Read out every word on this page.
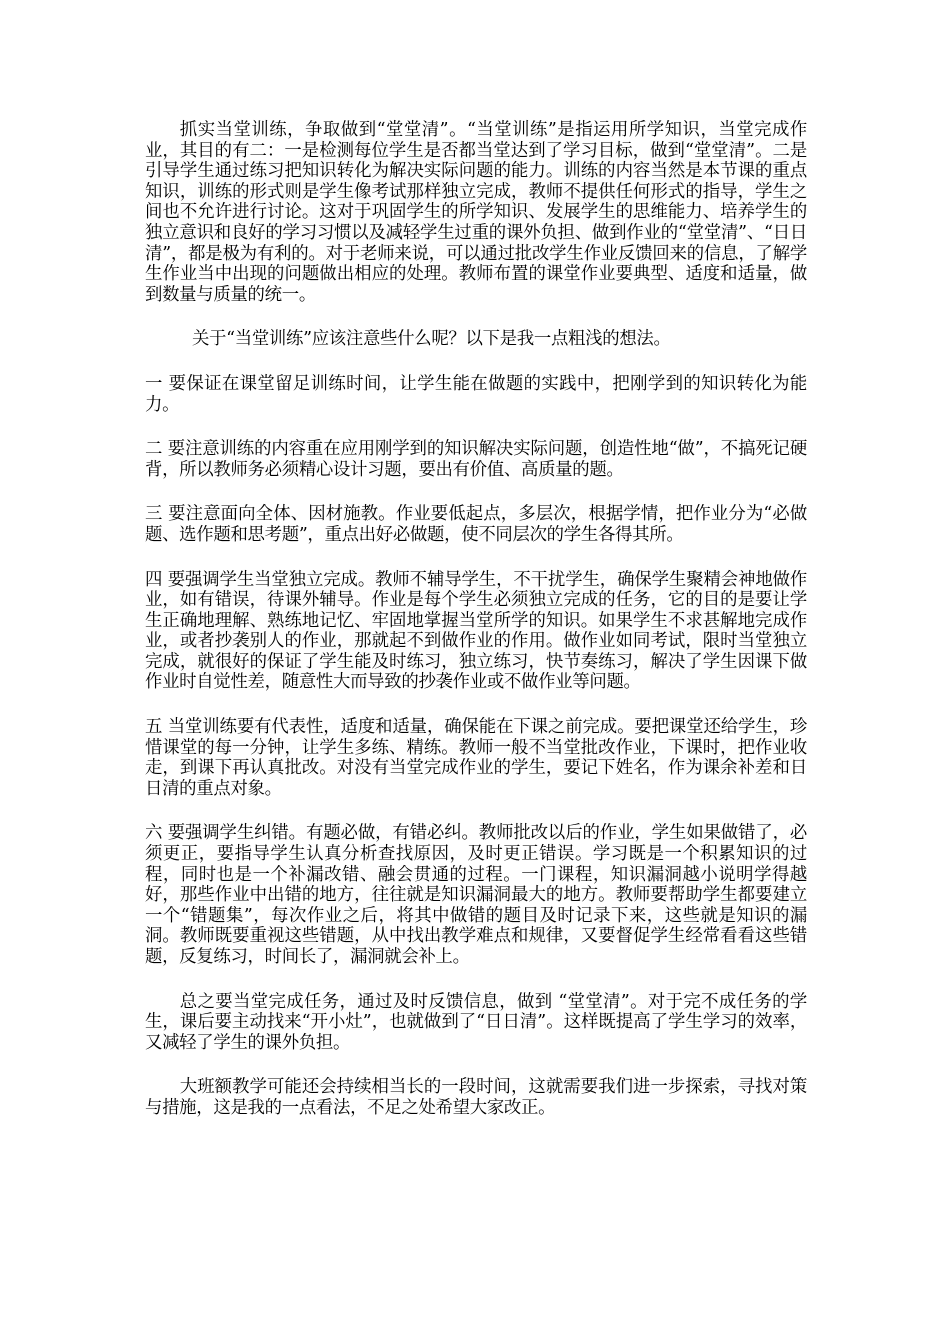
抓实当堂训练，争取做到“堂堂清”。“当堂训练”是指运用所学知识，当堂完成作业，其目的有二：一是检测每位学生是否都当堂达到了学习目标，做到“堂堂清”。二是引导学生通过练习把知识转化为解决实际问题的能力。训练的内容当然是本节课的重点知识，训练的形式则是学生像考试那样独立完成，教师不提供任何形式的指导，学生之间也不允许进行讨论。这对于巩固学生的所学知识、发展学生的思维能力、培养学生的独立意识和良好的学习习惯以及减轻学生过重的课外负担、做到作业的“堂堂清”、“日日清”，都是极为有利的。对于老师来说，可以通过批改学生作业反馈回来的信息，了解学生作业当中出现的问题做出相应的处理。教师布置的课堂作业要典型、适度和适量，做到数量与质量的统一。

关于“当堂训练”应该注意些什么呢？以下是我一点粗浅的想法。

一 要保证在课堂留足训练时间，让学生能在做题的实践中，把刚学到的知识转化为能力。

二 要注意训练的内容重在应用刚学到的知识解决实际问题，创造性地“做”，不搞死记硬背，所以教师务必须精心设计习题，要出有价值、高质量的题。

三 要注意面向全体、因材施教。作业要低起点，多层次，根据学情，把作业分为“必做题、选作题和思考题”，重点出好必做题，使不同层次的学生各得其所。

四 要强调学生当堂独立完成。教师不辅导学生，不干扰学生，确保学生聚精会神地做作业，如有错误，待课外辅导。作业是每个学生必须独立完成的任务，它的目的是要让学生正确地理解、熟练地记忆、牢固地掌握当堂所学的知识。如果学生不求甚解地完成作业，或者抄袭别人的作业，那就起不到做作业的作用。做作业如同考试，限时当堂独立完成，就很好的保证了学生能及时练习，独立练习，快节奏练习，解决了学生因课下做作业时自觉性差，随意性大而导致的抄袭作业或不做作业等问题。

五 当堂训练要有代表性，适度和适量，确保能在下课之前完成。要把课堂还给学生，珍惜课堂的每一分钟，让学生多练、精练。教师一般不当堂批改作业，下课时，把作业收走，到课下再认真批改。对没有当堂完成作业的学生，要记下姓名，作为课余补差和日日清的重点对象。

六 要强调学生纠错。有题必做，有错必纠。教师批改以后的作业，学生如果做错了，必须更正，要指导学生认真分析查找原因，及时更正错误。学习既是一个积累知识的过程，同时也是一个补漏改错、融会贯通的过程。一门课程，知识漏洞越小说明学得越好，那些作业中出错的地方，往往就是知识漏洞最大的地方。教师要帮助学生都要建立一个“错题集”，每次作业之后，将其中做错的题目及时记录下来，这些就是知识的漏洞。教师既要重视这些错题，从中找出教学难点和规律，又要督促学生经常看看这些错题，反复练习，时间长了，漏洞就会补上。

总之要当堂完成任务，通过及时反馈信息，做到 “堂堂清”。对于完不成任务的学生，课后要主动找来“开小灶”，也就做到了“日日清”。这样既提高了学生学习的效率，又减轻了学生的课外负担。

大班额教学可能还会持续相当长的一段时间，这就需要我们进一步探索，寻找对策与措施，这是我的一点看法，不足之处希望大家改正。
